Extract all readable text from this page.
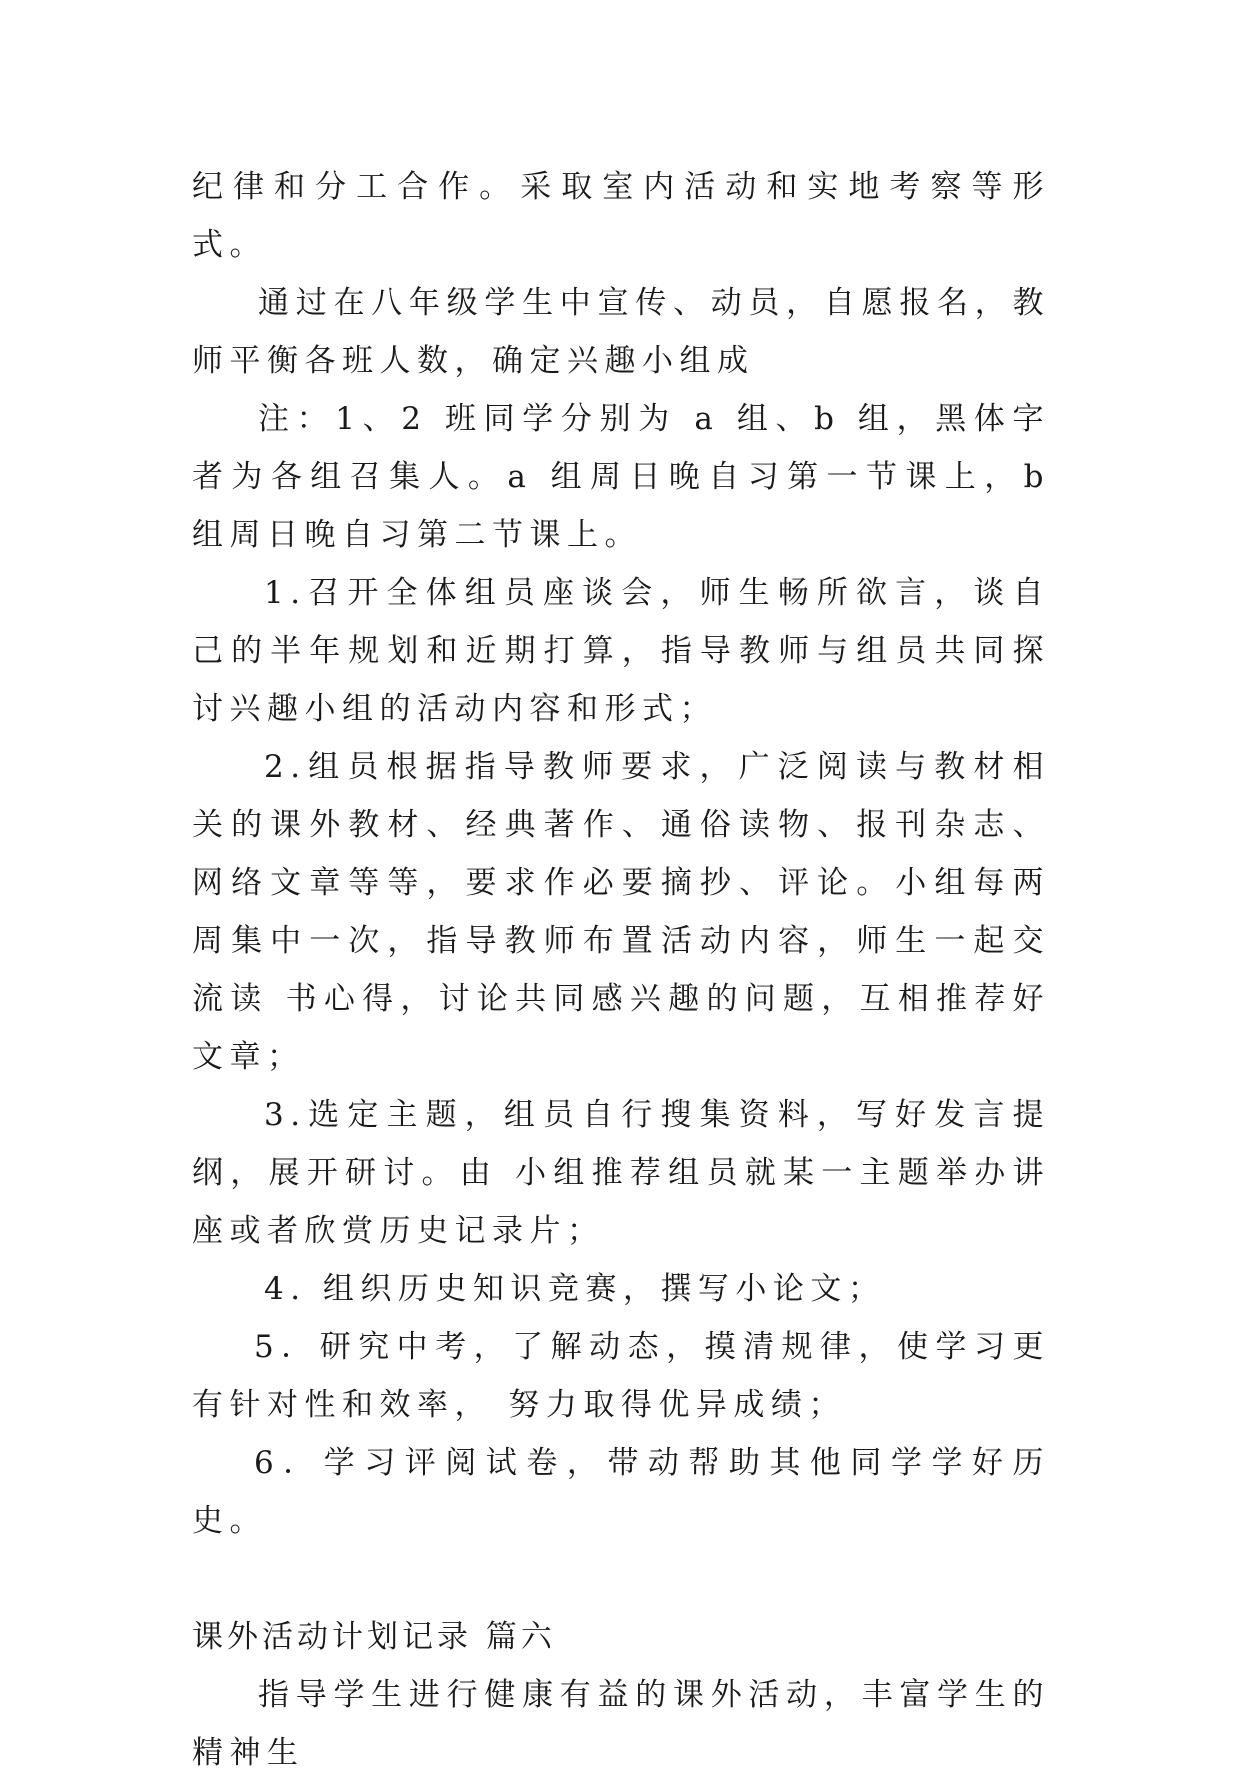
纪律和分工合作。采取室内活动和实地考察等形式。

通过在八年级学生中宣传、动员，自愿报名，教 师平衡各班人数，确定兴趣小组成

注：1、2 班同学分别为 a 组、b 组，黑体字者为各组召集人。a 组周日晚自习第一节课上，b 组周日晚自习第二节课上。

1.召开全体组员座谈会，师生畅所欲言，谈自己的半年规划和近期打算，指导教师与组员共同探讨兴趣小组的活动内容和形式；

2.组员根据指导教师要求，广泛阅读与教材相关的课外教材、经典著作、通俗读物、报刊杂志、网络文章等等，要求作必要摘抄、评论。小组每两周集中一次，指导教师布置活动内容，师生一起交流读 书心得，讨论共同感兴趣的问题，互相推荐好文章；

3.选定主题，组员自行搜集资料，写好发言提纲，展开研讨。由 小组推荐组员就某一主题举办讲座或者欣赏历史记录片；

4. 组织历史知识竞赛，撰写小论文；

5．研究中考，了解动态，摸清规律，使学习更有针对性和效率， 努力取得优异成绩；

6．学习评阅试卷，带动帮助其他同学学好历史。

课外活动计划记录 篇六

指导学生进行健康有益的课外活动，丰富学生的精神生
